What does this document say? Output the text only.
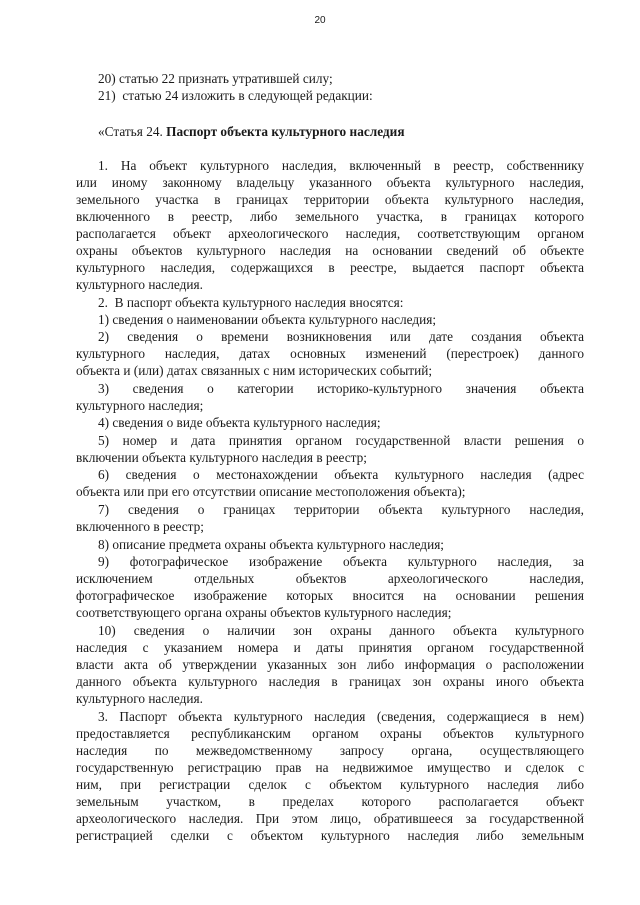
20
20) статью 22 признать утратившей силу;
21)  статью 24 изложить в следующей редакции:
«Статья 24. Паспорт объекта культурного наследия
1. На объект культурного наследия, включенный в реестр, собственнику
или иному законному владельцу указанного объекта культурного наследия,
земельного участка в границах территории объекта культурного наследия,
включенного в реестр, либо земельного участка, в границах которого
располагается объект археологического наследия, соответствующим органом
охраны объектов культурного наследия на основании сведений об объекте
культурного наследия, содержащихся в реестре, выдается паспорт объекта
культурного наследия.
2.  В паспорт объекта культурного наследия вносятся:
1) сведения о наименовании объекта культурного наследия;
2) сведения о времени возникновения или дате создания объекта
культурного наследия, датах основных изменений (перестроек) данного
объекта и (или) датах связанных с ним исторических событий;
3) сведения о категории историко-культурного значения объекта
культурного наследия;
4) сведения о виде объекта культурного наследия;
5) номер и дата принятия органом государственной власти решения о
включении объекта культурного наследия в реестр;
6) сведения о местонахождении объекта культурного наследия (адрес
объекта или при его отсутствии описание местоположения объекта);
7) сведения о границах территории объекта культурного наследия,
включенного в реестр;
8) описание предмета охраны объекта культурного наследия;
9) фотографическое изображение объекта культурного наследия, за
исключением отдельных объектов археологического наследия,
фотографическое изображение которых вносится на основании решения
соответствующего органа охраны объектов культурного наследия;
10) сведения о наличии зон охраны данного объекта культурного
наследия с указанием номера и даты принятия органом государственной
власти акта об утверждении указанных зон либо информация о расположении
данного объекта культурного наследия в границах зон охраны иного объекта
культурного наследия.
3. Паспорт объекта культурного наследия (сведения, содержащиеся в нем)
предоставляется республиканским органом охраны объектов культурного
наследия по межведомственному запросу органа, осуществляющего
государственную регистрацию прав на недвижимое имущество и сделок с
ним, при регистрации сделок с объектом культурного наследия либо
земельным участком, в пределах которого располагается объект
археологического наследия. При этом лицо, обратившееся за государственной
регистрацией сделки с объектом культурного наследия либо земельным
